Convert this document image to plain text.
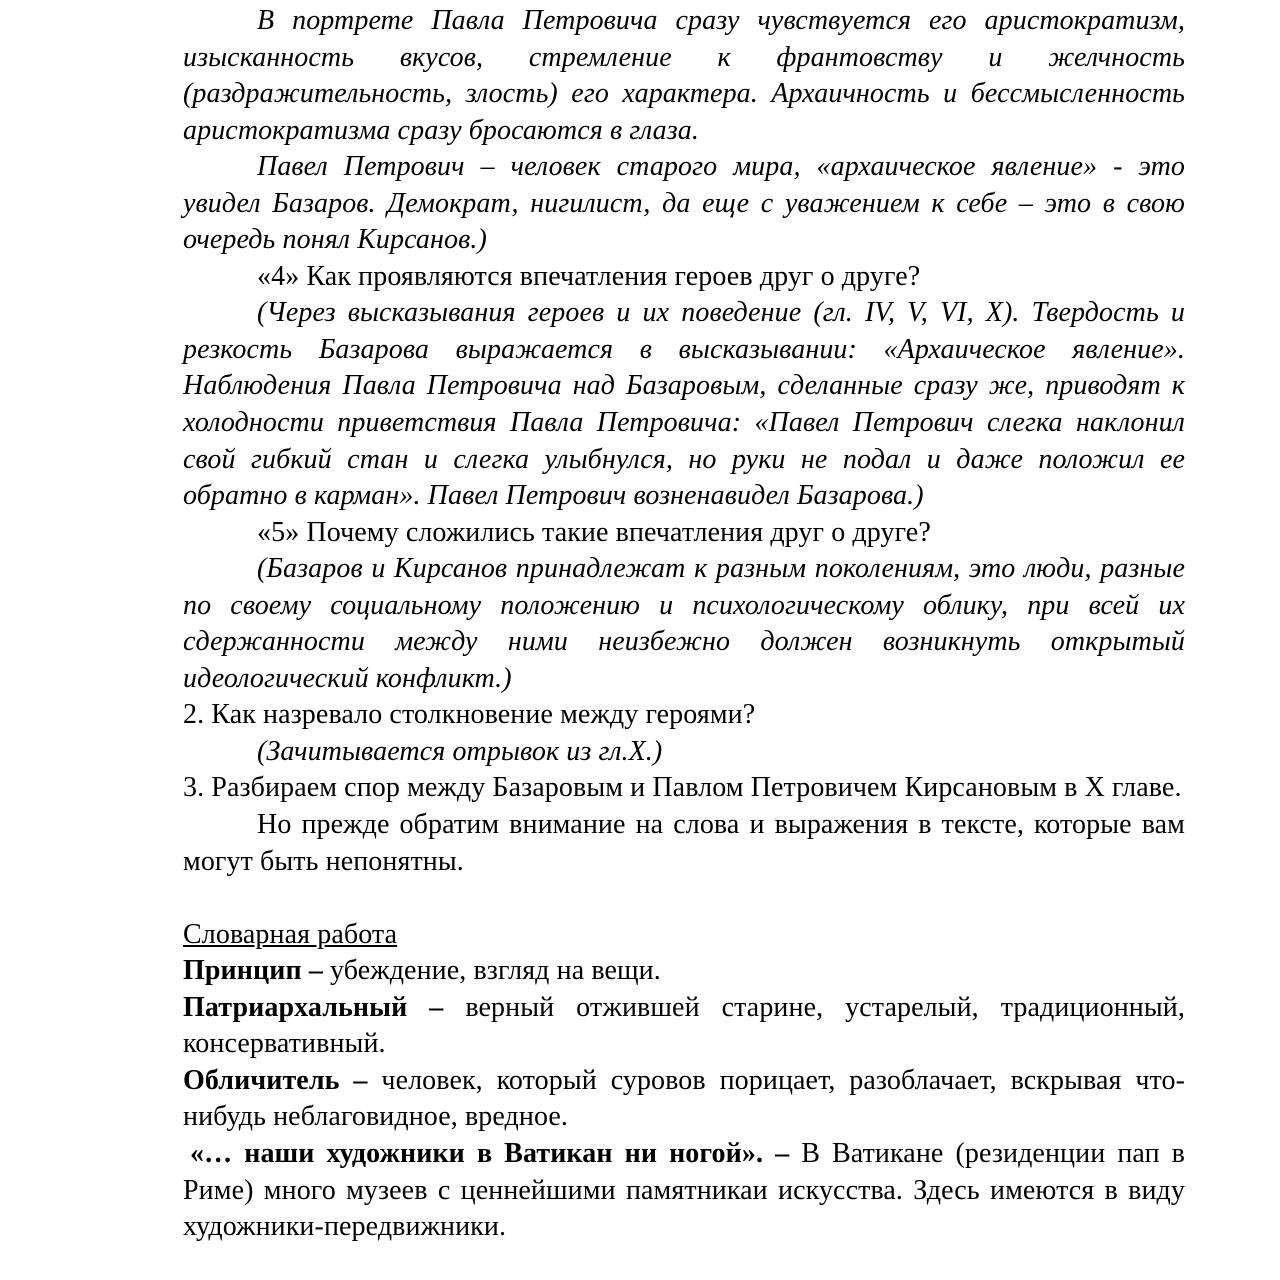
В портрете Павла Петровича сразу чувствуется его аристократизм, изысканность вкусов, стремление к франтовству и желчность (раздражительность, злость) его характера. Архаичность и бессмысленность аристократизма сразу бросаются в глаза.

Павел Петрович – человек старого мира, «архаическое явление» - это увидел Базаров. Демократ, нигилист, да еще с уважением к себе – это в свою очередь понял Кирсанов.)

«4» Как проявляются впечатления героев друг о друге?

(Через высказывания героев и их поведение (гл. IV, V, VI, X). Твердость и резкость Базарова выражается в высказывании: «Архаическое явление». Наблюдения Павла Петровича над Базаровым, сделанные сразу же, приводят к холодности приветствия Павла Петровича: «Павел Петрович слегка наклонил свой гибкий стан и слегка улыбнулся, но руки не подал и даже положил ее обратно в карман». Павел Петрович возненавидел Базарова.)

«5» Почему сложились такие впечатления друг о друге?

(Базаров и Кирсанов принадлежат к разным поколениям, это люди, разные по своему социальному положению и психологическому облику, при всей их сдержанности между ними неизбежно должен возникнуть открытый идеологический конфликт.)

2. Как назревало столкновение между героями?

(Зачитывается отрывок из гл.X.)

3. Разбираем спор между Базаровым и Павлом Петровичем Кирсановым в X главе.

Но прежде обратим внимание на слова и выражения в тексте, которые вам могут быть непонятны.

Словарная работа

Принцип – убеждение, взгляд на вещи.

Патриархальный – верный отжившей старине, устарелый, традиционный, консервативный.

Обличитель – человек, который суровов порицает, разоблачает, вскрывая что-нибудь неблаговидное, вредное.

«… наши художники в Ватикан ни ногой». – В Ватикане (резиденции пап в Риме) много музеев с ценнейшими памятникаи искусства. Здесь имеются в виду художники-передвижники.
